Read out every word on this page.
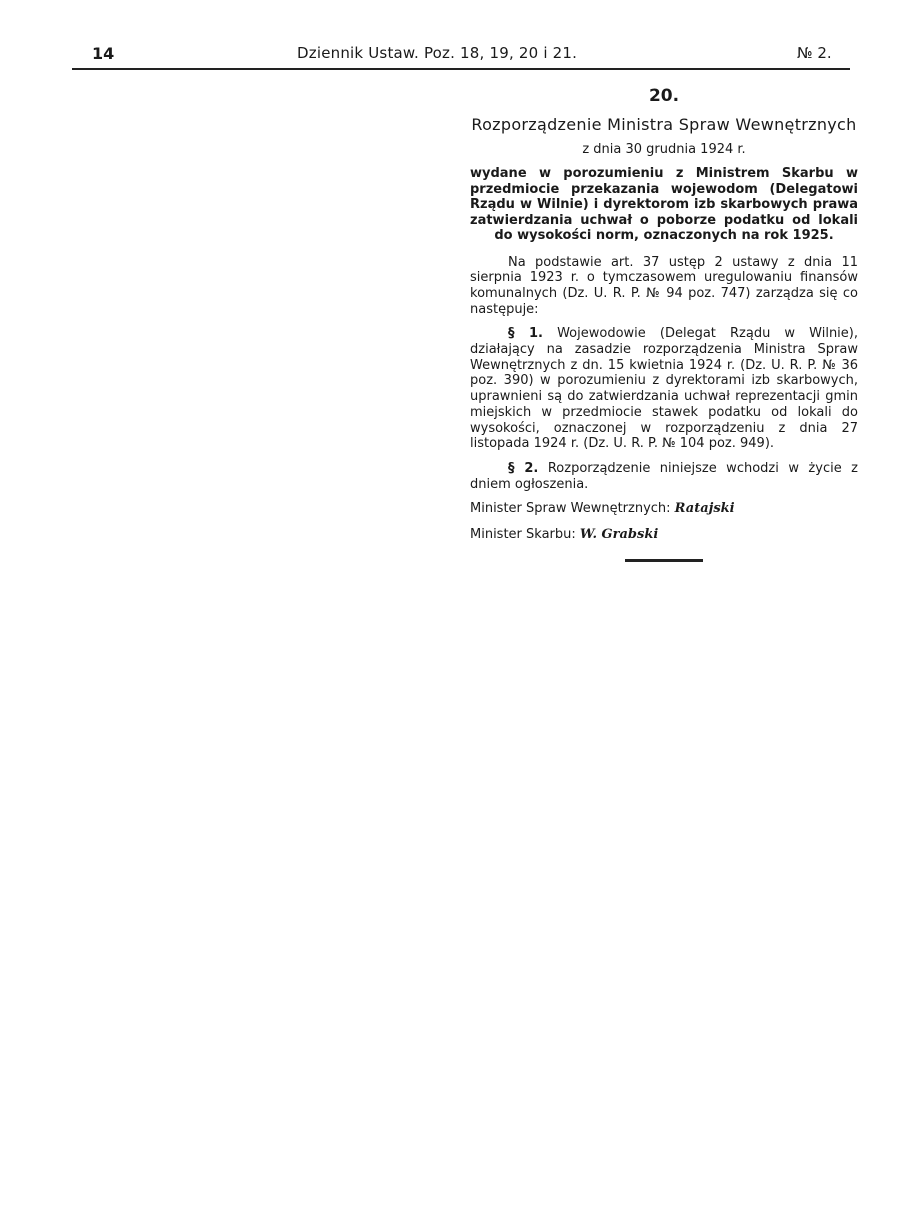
14	Dziennik Ustaw. Poz. 18, 19, 20 i 21.	№ 2.
20.
Rozporządzenie Ministra Spraw Wewnętrznych
z dnia 30 grudnia 1924 r.
wydane w porozumieniu z Ministrem Skarbu w przedmiocie przekazania wojewodom (Delegatowi Rządu w Wilnie) i dyrektorom izb skarbowych prawa zatwierdzania uchwał o poborze podatku od lokali do wysokości norm, oznaczonych na rok 1925.

Na podstawie art. 37 ustęp 2 ustawy z dnia 11 sierpnia 1923 r. o tymczasowem uregulowaniu finansów komunalnych (Dz. U. R. P. № 94 poz. 747) zarządza się co następuje:

§ 1. Wojewodowie (Delegat Rządu w Wilnie), działający na zasadzie rozporządzenia Ministra Spraw Wewnętrznych z dn. 15 kwietnia 1924 r. (Dz. U. R. P. № 36 poz. 390) w porozumieniu z dyrektorami izb skarbowych, uprawnieni są do zatwierdzania uchwał reprezentacji gmin miejskich w przedmiocie stawek podatku od lokali do wysokości, oznaczonej w rozporządzeniu z dnia 27 listopada 1924 r. (Dz. U. R. P. № 104 poz. 949).

§ 2. Rozporządzenie niniejsze wchodzi w życie z dniem ogłoszenia.

Minister Spraw Wewnętrznych: Ratajski
Minister Skarbu: W. Grabski
